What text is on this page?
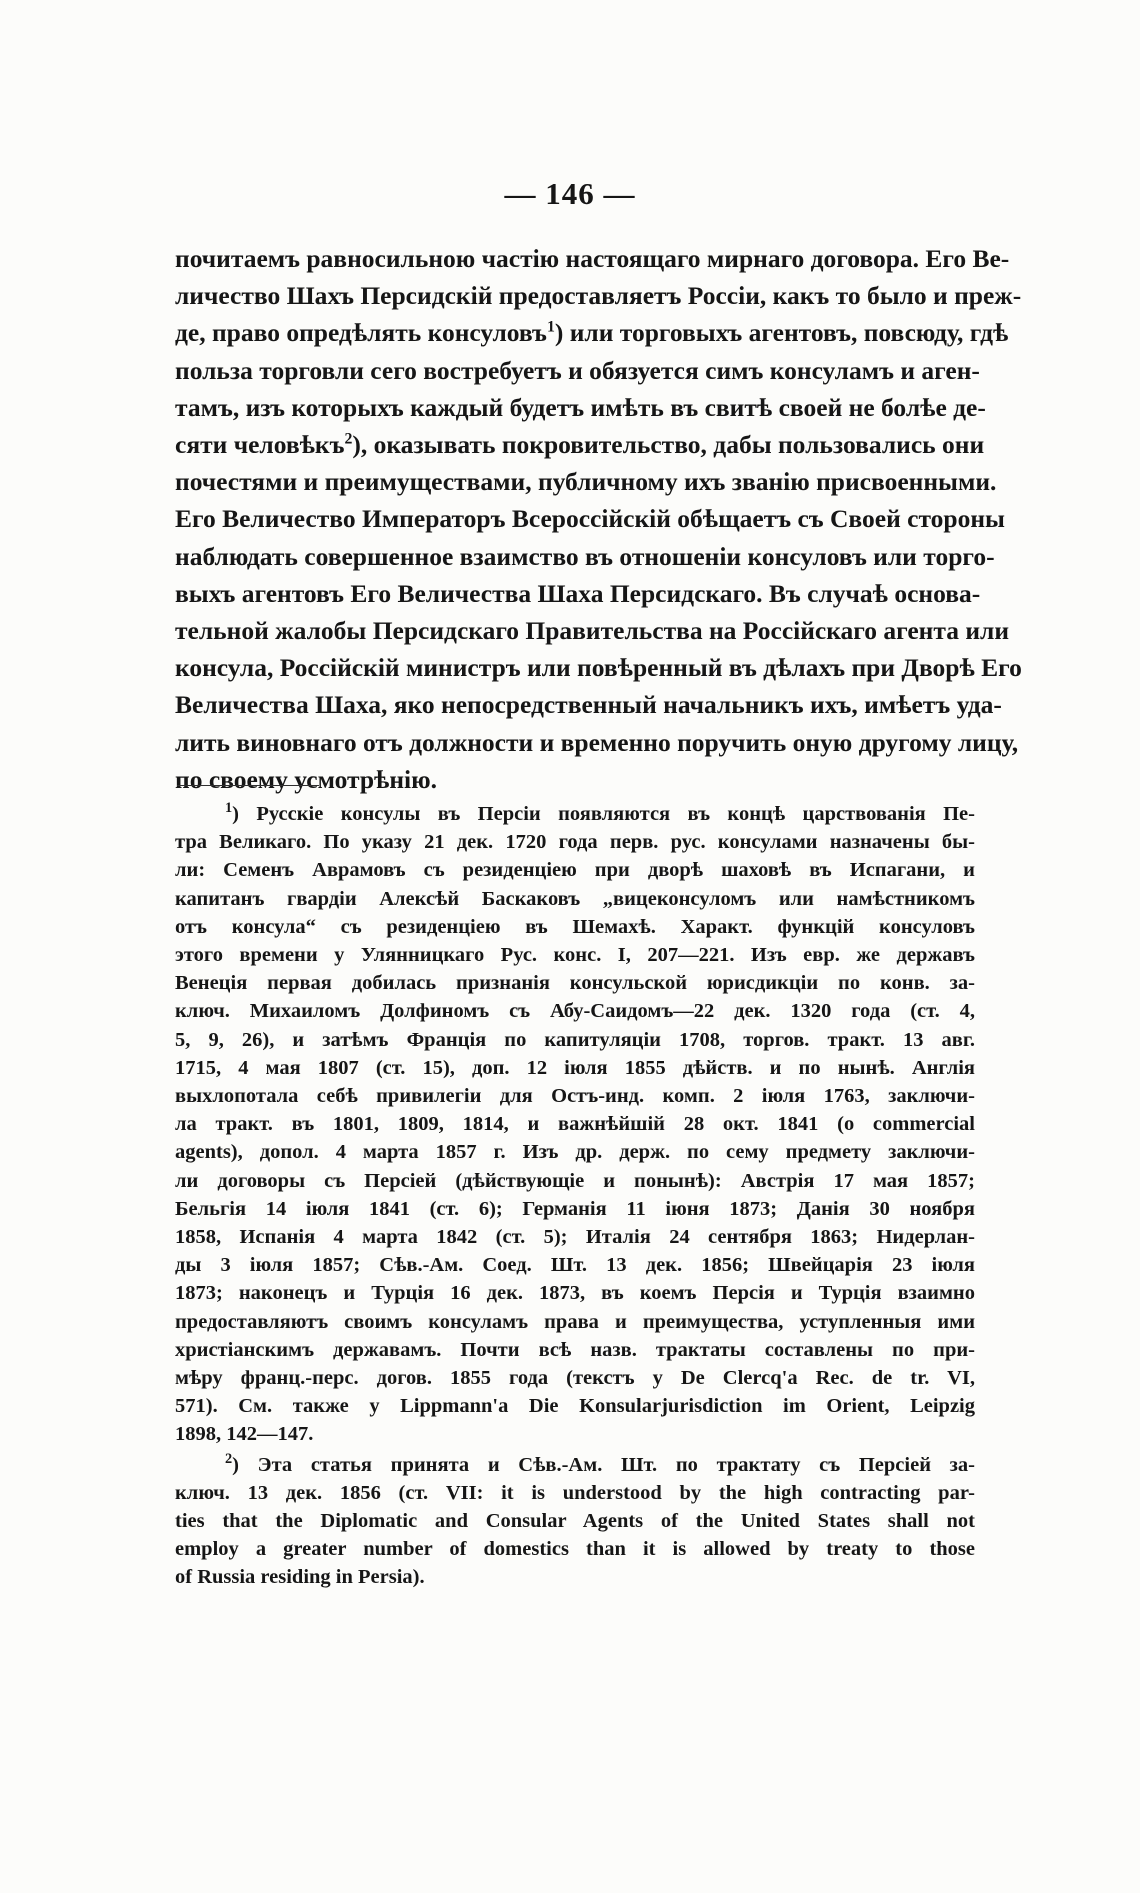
— 146 —
почитаемъ равносильною частію настоящаго мирнаго договора. Его Ве-
личество Шахъ Персидскій предоставляетъ Россіи, какъ то было и преж-
де, право опредѣлять консуловъ$^1$) или торговыхъ агентовъ, повсюду, гдѣ
польза торговли сего востребуетъ и обязуется симъ консуламъ и аген-
тамъ, изъ которыхъ каждый будетъ имѣть въ свитѣ своей не болѣе де-
сяти человѣкъ$^2$), оказывать покровительство, дабы пользовались они
почестями и преимуществами, публичному ихъ званію присвоенными.
Его Величество Императоръ Всероссійскій обѣщаетъ съ Своей стороны
наблюдать совершенное взаимство въ отношеніи консуловъ или торго-
выхъ агентовъ Его Величества Шаха Персидскаго. Въ случаѣ основа-
тельной жалобы Персидскаго Правительства на Россійскаго агента или
консула, Россійскій министръ или повѣренный въ дѣлахъ при Дворѣ Его
Величества Шаха, яко непосредственный начальникъ ихъ, имѣетъ уда-
лить виновнаго отъ должности и временно поручить оную другому лицу,
по своему усмотрѣнію.
$^1$) Русскіе консулы въ Персіи появляются въ концѣ царствованія Пе-
тра Великаго. По указу 21 дек. 1720 года перв. рус. консулами назначены бы-
ли: Семенъ Аврамовъ съ резиденціею при дворѣ шаховѣ въ Испагани, и
капитанъ гвардіи Алексѣй Баскаковъ „вицеконсуломъ или намѣстникомъ
отъ консула“ съ резиденціею въ Шемахѣ. Характ. функцій консуловъ
этого времени у Улянницкаго Рус. конс. I, 207—221. Изъ евр. же державъ
Венеція первая добилась признанія консульской юрисдикціи по конв. за-
ключ. Михаиломъ Долфиномъ съ Абу-Саидомъ—22 дек. 1320 года (ст. 4,
5, 9, 26), и затѣмъ Франція по капитуляціи 1708, торгов. тракт. 13 авг.
1715, 4 мая 1807 (ст. 15), доп. 12 іюля 1855 дѣйств. и по нынѣ. Англія
выхлопотала себѣ привилегіи для Остъ-инд. комп. 2 іюля 1763, заключи-
ла тракт. въ 1801, 1809, 1814, и важнѣйшій 28 окт. 1841 (о commercial
agents), допол. 4 марта 1857 г. Изъ др. держ. по сему предмету заключи-
ли договоры съ Персіей (дѣйствующіе и понынѣ): Австрія 17 мая 1857;
Бельгія 14 іюля 1841 (ст. 6); Германія 11 іюня 1873; Данія 30 ноября
1858, Испанія 4 марта 1842 (ст. 5); Италія 24 сентября 1863; Нидерлан-
ды 3 іюля 1857; Сѣв.-Ам. Соед. Шт. 13 дек. 1856; Швейцарія 23 іюля
1873; наконецъ и Турція 16 дек. 1873, въ коемъ Персія и Турція взаимно
предоставляютъ своимъ консуламъ права и преимущества, уступленныя ими
христіанскимъ державамъ. Почти всѣ назв. трактаты составлены по при-
мѣру франц.-перс. догов. 1855 года (текстъ у De Clercq'a Rec. de tr. VI,
571). См. также у Lippmann'a Die Konsularjurisdiction im Orient, Leipzig
1898, 142—147.
$^2$) Эта статья принята и Сѣв.-Ам. Шт. по трактату съ Персіей за-
ключ. 13 дек. 1856 (ст. VII: it is understood by the high contracting par-
ties that the Diplomatic and Consular Agents of the United States shall not
employ a greater number of domestics than it is allowed by treaty to those
of Russia residing in Persia).
